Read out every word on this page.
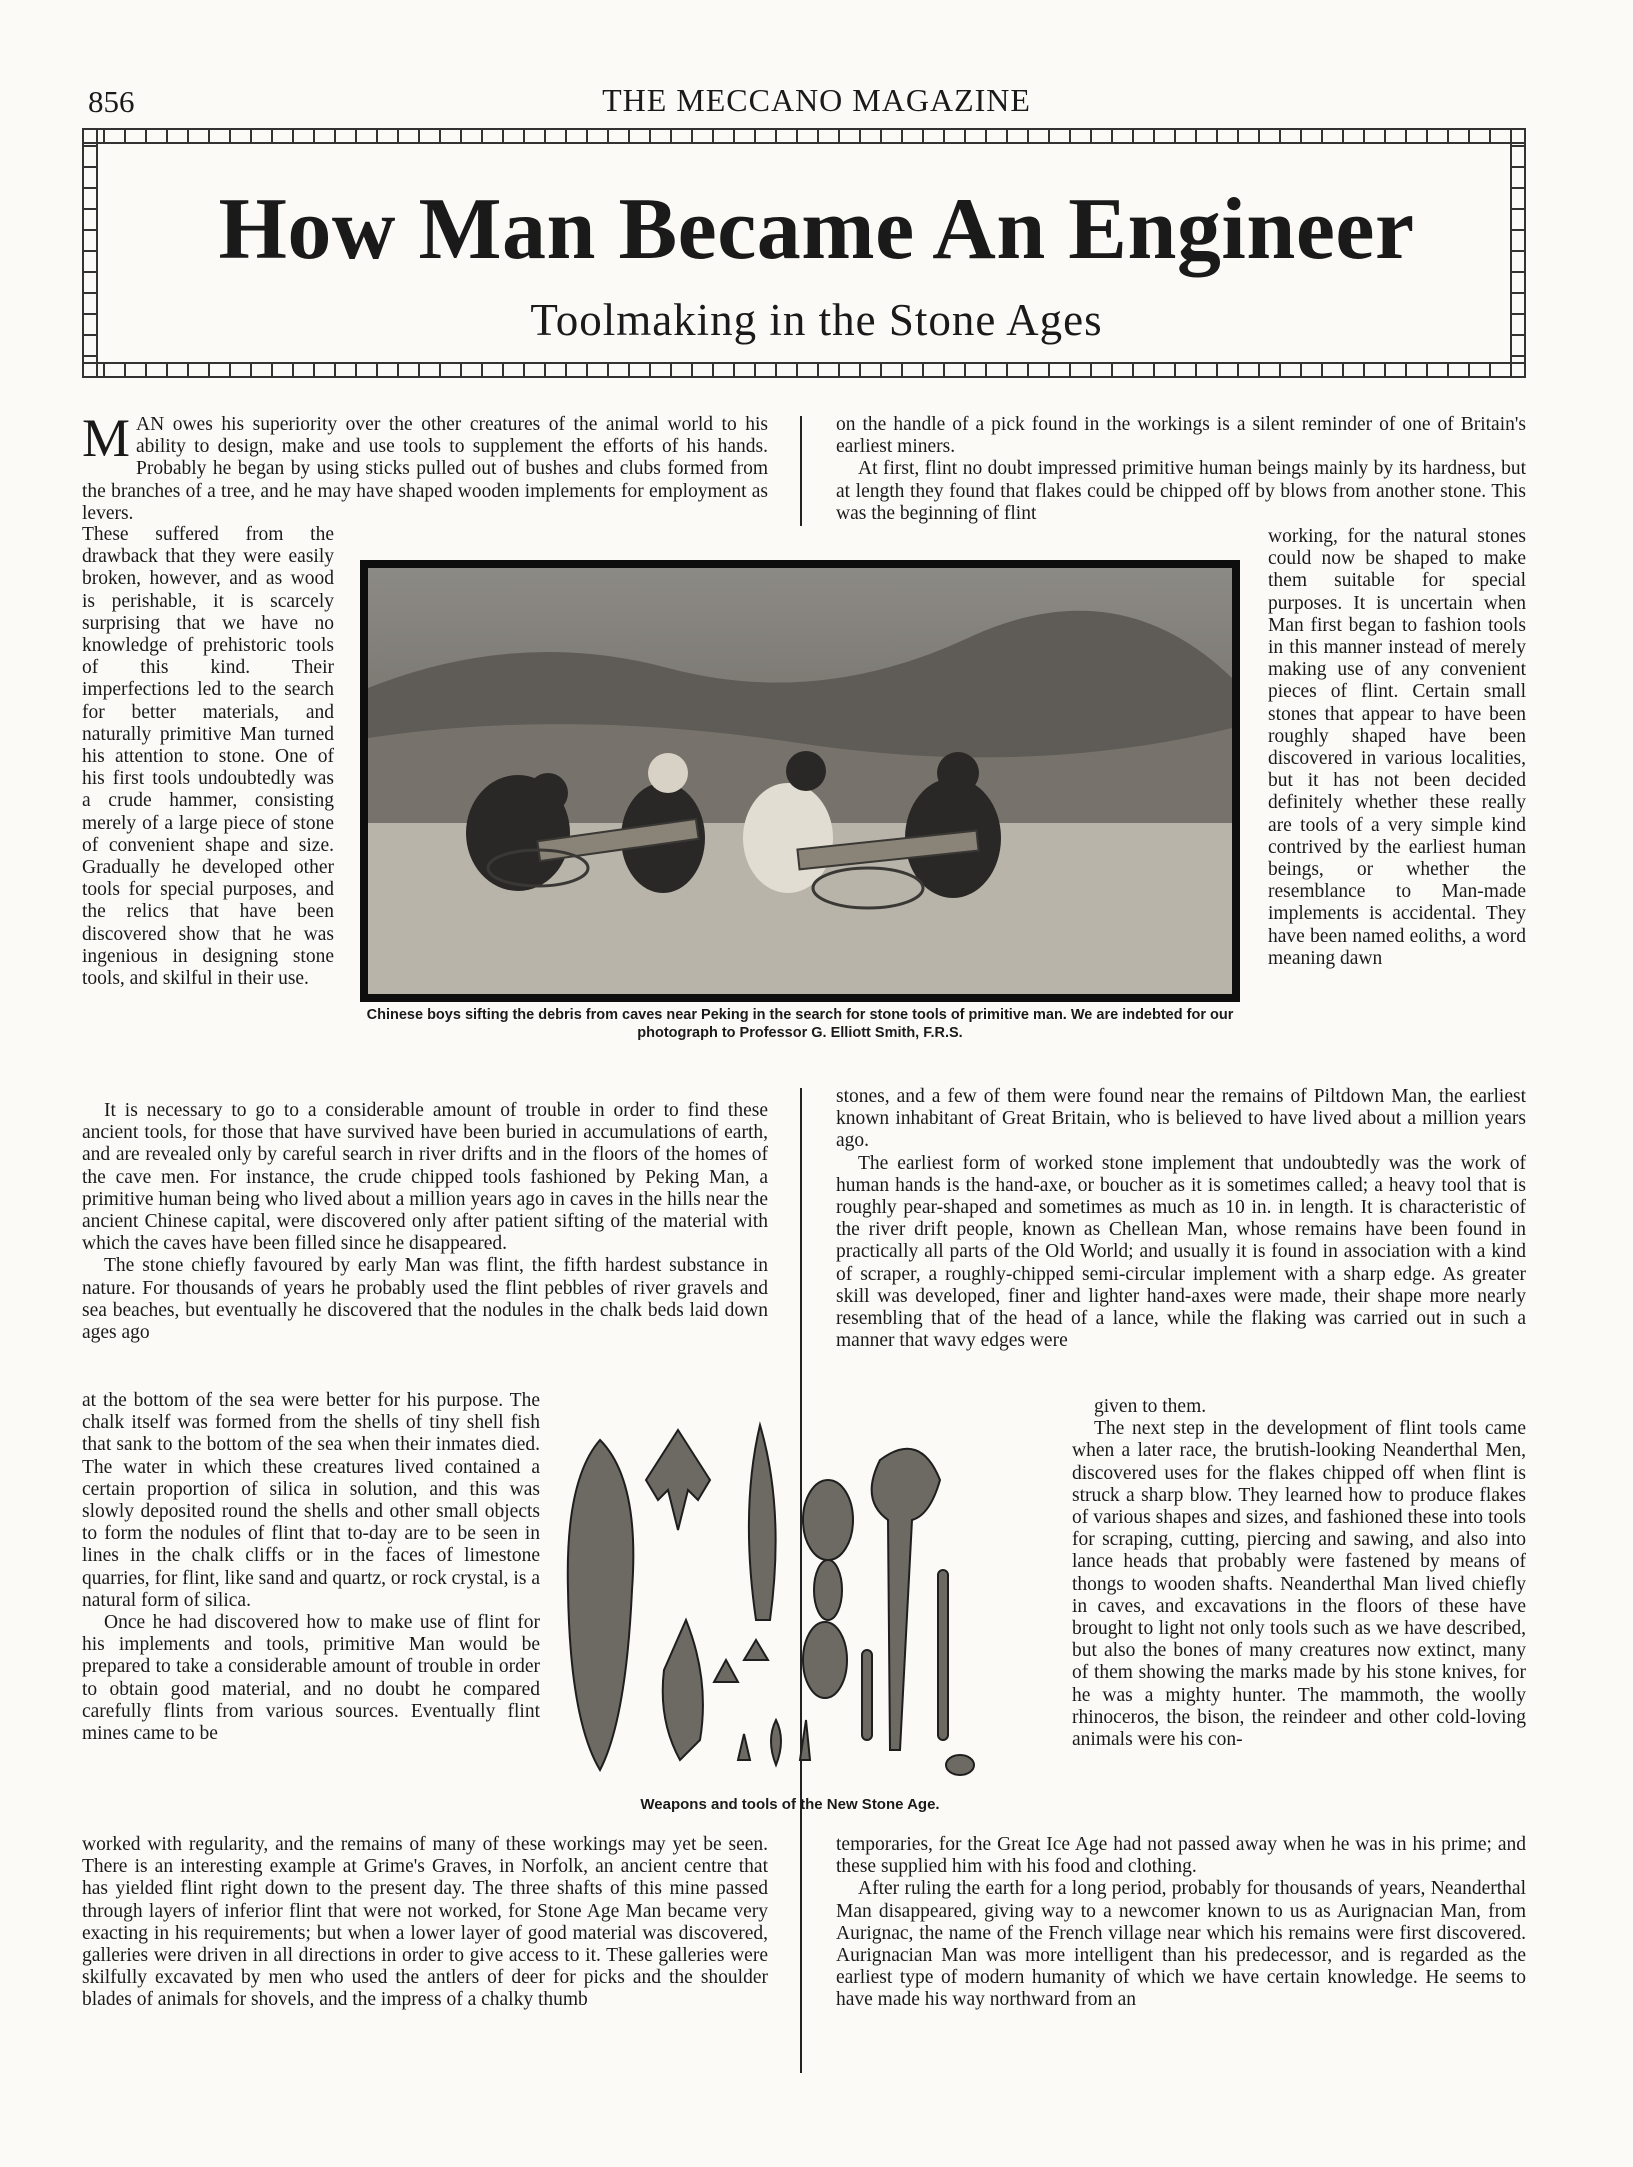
856	THE MECCANO MAGAZINE
How Man Became An Engineer
Toolmaking in the Stone Ages

MAN owes his superiority over the other creatures of the animal world to his ability to design, make and use tools to supplement the efforts of his hands. Probably he began by using sticks pulled out of bushes and clubs formed from the branches of a tree, and he may have shaped wooden implements for employment as levers.

These suffered from the drawback that they were easily broken, however, and as wood is perishable, it is scarcely surprising that we have no knowledge of prehistoric tools of this kind. Their imperfections led to the search for better materials, and naturally primitive Man turned his attention to stone. One of his first tools undoubtedly was a crude hammer, consisting merely of a large piece of stone of convenient shape and size. Gradually he developed other tools for special purposes, and the relics that have been discovered show that he was ingenious in designing stone tools, and skilful in their use.

It is necessary to go to a considerable amount of trouble in order to find these ancient tools, for those that have survived have been buried in accumulations of earth, and are revealed only by careful search in river drifts and in the floors of the homes of the cave men. For instance, the crude chipped tools fashioned by Peking Man, a primitive human being who lived about a million years ago in caves in the hills near the ancient Chinese capital, were discovered only after patient sifting of the material with which the caves have been filled since he disappeared.

The stone chiefly favoured by early Man was flint, the fifth hardest substance in nature. For thousands of years he probably used the flint pebbles of river gravels and sea beaches, but eventually he discovered that the nodules in the chalk beds laid down ages ago

at the bottom of the sea were better for his purpose. The chalk itself was formed from the shells of tiny shell fish that sank to the bottom of the sea when their inmates died. The water in which these creatures lived contained a certain proportion of silica in solution, and this was slowly deposited round the shells and other small objects to form the nodules of flint that to-day are to be seen in lines in the chalk cliffs or in the faces of limestone quarries, for flint, like sand and quartz, or rock crystal, is a natural form of silica.

Once he had discovered how to make use of flint for his implements and tools, primitive Man would be prepared to take a considerable amount of trouble in order to obtain good material, and no doubt he compared carefully flints from various sources. Eventually flint mines came to be

worked with regularity, and the remains of many of these workings may yet be seen. There is an interesting example at Grime's Graves, in Norfolk, an ancient centre that has yielded flint right down to the present day. The three shafts of this mine passed through layers of inferior flint that were not worked, for Stone Age Man became very exacting in his requirements; but when a lower layer of good material was discovered, galleries were driven in all directions in order to give access to it. These galleries were skilfully excavated by men who used the antlers of deer for picks and the shoulder blades of animals for shovels, and the impress of a chalky thumb

on the handle of a pick found in the workings is a silent reminder of one of Britain's earliest miners.

At first, flint no doubt impressed primitive human beings mainly by its hardness, but at length they found that flakes could be chipped off by blows from another stone. This was the beginning of flint

working, for the natural stones could now be shaped to make them suitable for special purposes. It is uncertain when Man first began to fashion tools in this manner instead of merely making use of any convenient pieces of flint. Certain small stones that appear to have been roughly shaped have been discovered in various localities, but it has not been decided definitely whether these really are tools of a very simple kind contrived by the earliest human beings, or whether the resemblance to Man-made implements is accidental. They have been named eoliths, a word meaning dawn

stones, and a few of them were found near the remains of Piltdown Man, the earliest known inhabitant of Great Britain, who is believed to have lived about a million years ago.

The earliest form of worked stone implement that undoubtedly was the work of human hands is the hand-axe, or boucher as it is sometimes called; a heavy tool that is roughly pear-shaped and sometimes as much as 10 in. in length. It is characteristic of the river drift people, known as Chellean Man, whose remains have been found in practically all parts of the Old World; and usually it is found in association with a kind of scraper, a roughly-chipped semi-circular implement with a sharp edge. As greater skill was developed, finer and lighter hand-axes were made, their shape more nearly resembling that of the head of a lance, while the flaking was carried out in such a manner that wavy edges were

given to them.

The next step in the development of flint tools came when a later race, the brutish-looking Neanderthal Men, discovered uses for the flakes chipped off when flint is struck a sharp blow. They learned how to produce flakes of various shapes and sizes, and fashioned these into tools for scraping, cutting, piercing and sawing, and also into lance heads that probably were fastened by means of thongs to wooden shafts. Neanderthal Man lived chiefly in caves, and excavations in the floors of these have brought to light not only tools such as we have described, but also the bones of many creatures now extinct, many of them showing the marks made by his stone knives, for he was a mighty hunter. The mammoth, the woolly rhinoceros, the bison, the reindeer and other cold-loving animals were his con-

temporaries, for the Great Ice Age had not passed away when he was in his prime; and these supplied him with his food and clothing.

After ruling the earth for a long period, probably for thousands of years, Neanderthal Man disappeared, giving way to a newcomer known to us as Aurignacian Man, from Aurignac, the name of the French village near which his remains were first discovered. Aurignacian Man was more intelligent than his predecessor, and is regarded as the earliest type of modern humanity of which we have certain knowledge. He seems to have made his way northward from an

Chinese boys sifting the debris from caves near Peking in the search for stone tools of primitive man. We are indebted for our photograph to Professor G. Elliott Smith, F.R.S.
Weapons and tools of the New Stone Age.
